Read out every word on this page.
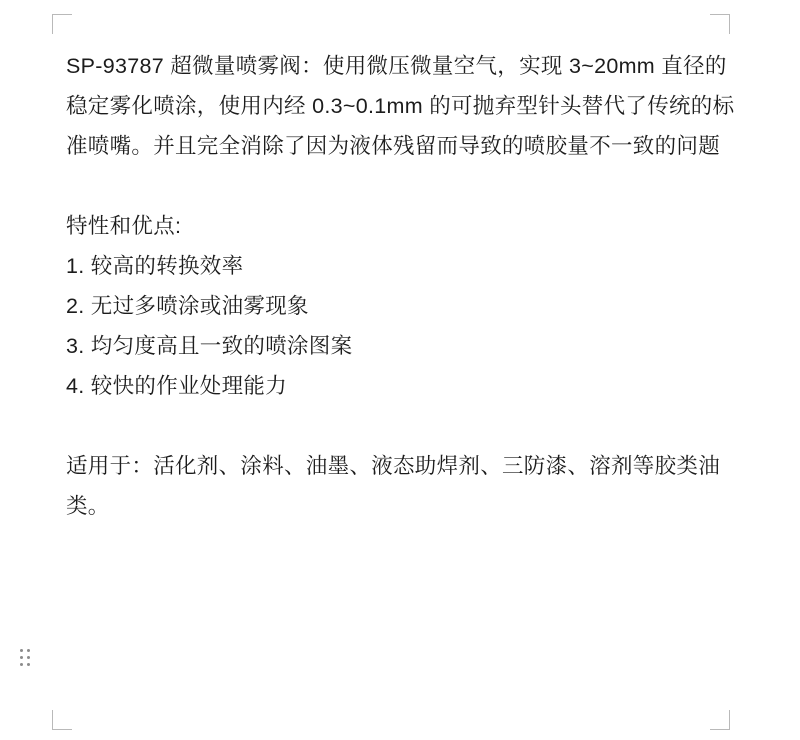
SP-93787 超微量喷雾阀：使用微压微量空气，实现 3~20mm 直径的稳定雾化喷涂，使用内经 0.3~0.1mm 的可抛弃型针头替代了传统的标准喷嘴。并且完全消除了因为液体残留而导致的喷胶量不一致的问题

特性和优点:

1. 较高的转换效率

2. 无过多喷涂或油雾现象

3. 均匀度高且一致的喷涂图案

4. 较快的作业处理能力

适用于：活化剂、涂料、油墨、液态助焊剂、三防漆、溶剂等胶类油类。
